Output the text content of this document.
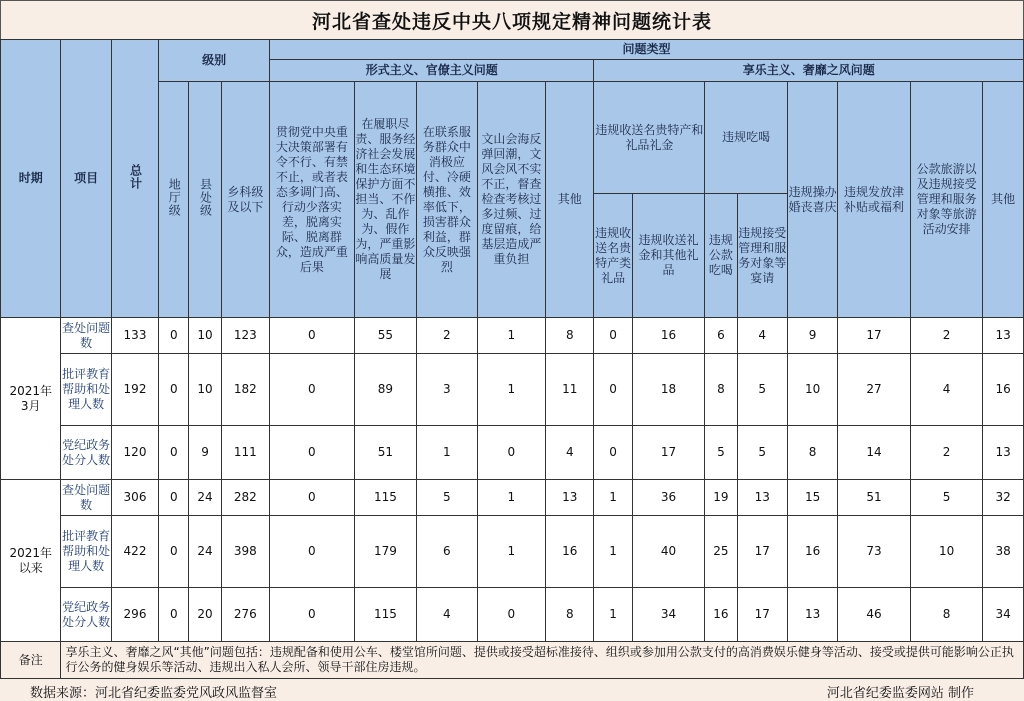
河北省查处违反中央八项规定精神问题统计表
时期	项目	总计	级别			问题类型												
						形式主义、官僚主义问题					享乐主义、奢靡之风问题							
			地厅级	县处级	乡科级及以下	贯彻党中央重大决策部署有令不行、有禁不止，或者表态多调门高、行动少落实差，脱离实际、脱离群众，造成严重后果	在履职尽责、服务经济社会发展和生态环境保护方面不担当、不作为、乱作为、假作为，严重影响高质量发展	在联系服务群众中消极应付、冷硬横推、效率低下，损害群众利益，群众反映强烈	文山会海反弹回潮，文风会风不实不正，督查检查考核过多过频、过度留痕，给基层造成严重负担	其他	违规收送名贵特产和礼品礼金		违规吃喝		违规操办婚丧喜庆	违规发放津补贴或福利	公款旅游以及违规接受管理和服务对象等旅游活动安排	其他
											违规收送名贵特产类礼品	违规收送礼金和其他礼品	违规公款吃喝	违规接受管理和服务对象等宴请				
2021年3月	查处问题数	133	0	10	123	0	55	2	1	8	0	16	6	4	9	17	2	13
	批评教育帮助和处理人数	192	0	10	182	0	89	3	1	11	0	18	8	5	10	27	4	16
	党纪政务处分人数	120	0	9	111	0	51	1	0	4	0	17	5	5	8	14	2	13
2021年以来	查处问题数	306	0	24	282	0	115	5	1	13	1	36	19	13	15	51	5	32
	批评教育帮助和处理人数	422	0	24	398	0	179	6	1	16	1	40	25	17	16	73	10	38
	党纪政务处分人数	296	0	20	276	0	115	4	0	8	1	34	16	17	13	46	8	34
备注	享乐主义、奢靡之风“其他”问题包括：违规配备和使用公车、楼堂馆所问题、提供或接受超标准接待、组织或参加用公款支付的高消费娱乐健身等活动、接受或提供可能影响公正执行公务的健身娱乐等活动、违规出入私人会所、领导干部住房违规。																	
数据来源：河北省纪委监委党风政风监督室	河北省纪委监委网站 制作
